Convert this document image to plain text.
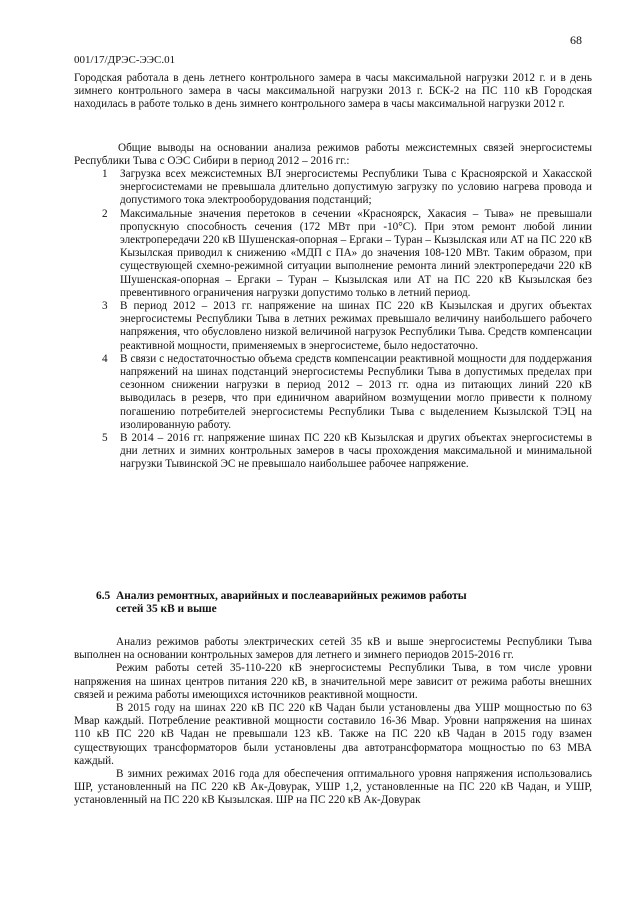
68
001/17/ДРЭС-ЭЭС.01

Городская работала в день летнего контрольного замера в часы максимальной нагрузки 2012 г. и в день зимнего контрольного замера в часы максимальной нагрузки 2013 г. БСК-2 на ПС 110 кВ Городская находилась в работе только в день зимнего контрольного замера в часы максимальной нагрузки 2012 г.

Общие выводы на основании анализа режимов работы межсистемных связей энергосистемы Республики Тыва с ОЭС Сибири в период 2012 – 2016 гг.:

1 Загрузка всех межсистемных ВЛ энергосистемы Республики Тыва с Красноярской и Хакасской энергосистемами не превышала длительно допустимую загрузку по условию нагрева провода и допустимого тока электрооборудования подстанций;
2 Максимальные значения перетоков в сечении «Красноярск, Хакасия – Тыва» не превышали пропускную способность сечения (172 МВт при -10°С). При этом ремонт любой линии электропередачи 220 кВ Шушенская-опорная – Ергаки – Туран – Кызылская или АТ на ПС 220 кВ Кызылская приводил к снижению «МДП с ПА» до значения 108-120 МВт. Таким образом, при существующей схемно-режимной ситуации выполнение ремонта линий электропередачи 220 кВ Шушенская-опорная – Ергаки – Туран – Кызылская или АТ на ПС 220 кВ Кызылская без превентивного ограничения нагрузки допустимо только в летний период.
3 В период 2012 – 2013 гг. напряжение на шинах ПС 220 кВ Кызылская и других объектах энергосистемы Республики Тыва в летних режимах превышало величину наибольшего рабочего напряжения, что обусловлено низкой величиной нагрузок Республики Тыва. Средств компенсации реактивной мощности, применяемых в энергосистеме, было недостаточно.
4 В связи с недостаточностью объема средств компенсации реактивной мощности для поддержания напряжений на шинах подстанций энергосистемы Республики Тыва в допустимых пределах при сезонном снижении нагрузки в период 2012 – 2013 гг. одна из питающих линий 220 кВ выводилась в резерв, что при единичном аварийном возмущении могло привести к полному погашению потребителей энергосистемы Республики Тыва с выделением Кызылской ТЭЦ на изолированную работу.
5 В 2014 – 2016 гг. напряжение шинах ПС 220 кВ Кызылская и других объектах энергосистемы в дни летних и зимних контрольных замеров в часы прохождения максимальной и минимальной нагрузки Тывинской ЭС не превышало наибольшее рабочее напряжение.
6.5 Анализ ремонтных, аварийных и послеаварийных режимов работы
сетей 35 кВ и выше

Анализ режимов работы электрических сетей 35 кВ и выше энергосистемы Республики Тыва выполнен на основании контрольных замеров для летнего и зимнего периодов 2015-2016 гг.

Режим работы сетей 35-110-220 кВ энергосистемы Республики Тыва, в том числе уровни напряжения на шинах центров питания 220 кВ, в значительной мере зависит от режима работы внешних связей и режима работы имеющихся источников реактивной мощности.

В 2015 году на шинах 220 кВ ПС 220 кВ Чадан были установлены два УШР мощностью по 63 Мвар каждый. Потребление реактивной мощности составило 16-36 Мвар. Уровни напряжения на шинах 110 кВ ПС 220 кВ Чадан не превышали 123 кВ. Также на ПС 220 кВ Чадан в 2015 году взамен существующих трансформаторов были установлены два автотрансформатора мощностью по 63 МВА каждый.

В зимних режимах 2016 года для обеспечения оптимального уровня напряжения использовались ШР, установленный на ПС 220 кВ Ак-Довурак, УШР 1,2, установленные на ПС 220 кВ Чадан, и УШР, установленный на ПС 220 кВ Кызылская. ШР на ПС 220 кВ Ак-Довурак
